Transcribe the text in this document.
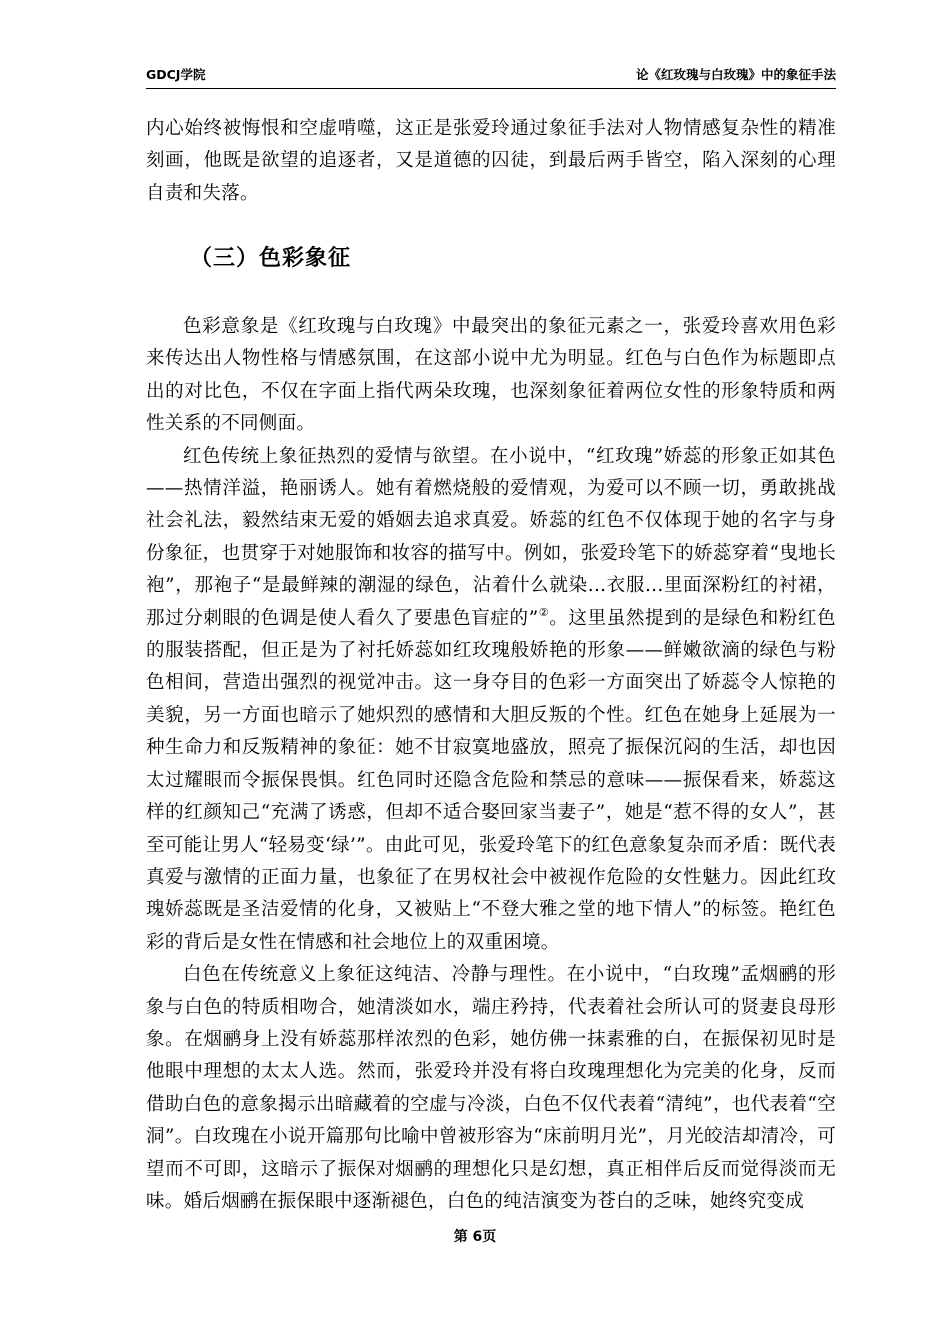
GDCJ学院	论《红玫瑰与白玫瑰》中的象征手法

内心始终被悔恨和空虚啃噬，这正是张爱玲通过象征手法对人物情感复杂性的精准刻画，他既是欲望的追逐者，又是道德的囚徒，到最后两手皆空，陷入深刻的心理自责和失落。

（三）色彩象征

色彩意象是《红玫瑰与白玫瑰》中最突出的象征元素之一，张爱玲喜欢用色彩来传达出人物性格与情感氛围，在这部小说中尤为明显。红色与白色作为标题即点出的对比色，不仅在字面上指代两朵玫瑰，也深刻象征着两位女性的形象特质和两性关系的不同侧面。

红色传统上象征热烈的爱情与欲望。在小说中，“红玫瑰”娇蕊的形象正如其色——热情洋溢，艳丽诱人。她有着燃烧般的爱情观，为爱可以不顾一切，勇敢挑战社会礼法，毅然结束无爱的婚姻去追求真爱。娇蕊的红色不仅体现于她的名字与身份象征，也贯穿于对她服饰和妆容的描写中。例如，张爱玲笔下的娇蕊穿着“曳地长袍”，那袍子“是最鲜辣的潮湿的绿色，沾着什么就染...衣服...里面深粉红的衬裙，那过分刺眼的色调是使人看久了要患色盲症的”②。这里虽然提到的是绿色和粉红色的服装搭配，但正是为了衬托娇蕊如红玫瑰般娇艳的形象——鲜嫩欲滴的绿色与粉色相间，营造出强烈的视觉冲击。这一身夺目的色彩一方面突出了娇蕊令人惊艳的美貌，另一方面也暗示了她炽烈的感情和大胆反叛的个性。红色在她身上延展为一种生命力和反叛精神的象征：她不甘寂寞地盛放，照亮了振保沉闷的生活，却也因太过耀眼而令振保畏惧。红色同时还隐含危险和禁忌的意味——振保看来，娇蕊这样的红颜知己“充满了诱惑，但却不适合娶回家当妻子”，她是“惹不得的女人”，甚至可能让男人“轻易变‘绿’”。由此可见，张爱玲笔下的红色意象复杂而矛盾：既代表真爱与激情的正面力量，也象征了在男权社会中被视作危险的女性魅力。因此红玫瑰娇蕊既是圣洁爱情的化身，又被贴上“不登大雅之堂的地下情人”的标签。艳红色彩的背后是女性在情感和社会地位上的双重困境。

白色在传统意义上象征这纯洁、冷静与理性。在小说中，“白玫瑰”孟烟鹂的形象与白色的特质相吻合，她清淡如水，端庄矜持，代表着社会所认可的贤妻良母形象。在烟鹂身上没有娇蕊那样浓烈的色彩，她仿佛一抹素雅的白，在振保初见时是他眼中理想的太太人选。然而，张爱玲并没有将白玫瑰理想化为完美的化身，反而借助白色的意象揭示出暗藏着的空虚与冷淡，白色不仅代表着“清纯”，也代表着“空洞”。白玫瑰在小说开篇那句比喻中曾被形容为“床前明月光”，月光皎洁却清冷，可望而不可即，这暗示了振保对烟鹂的理想化只是幻想，真正相伴后反而觉得淡而无味。婚后烟鹂在振保眼中逐渐褪色，白色的纯洁演变为苍白的乏味，她终究变成

第 6页
